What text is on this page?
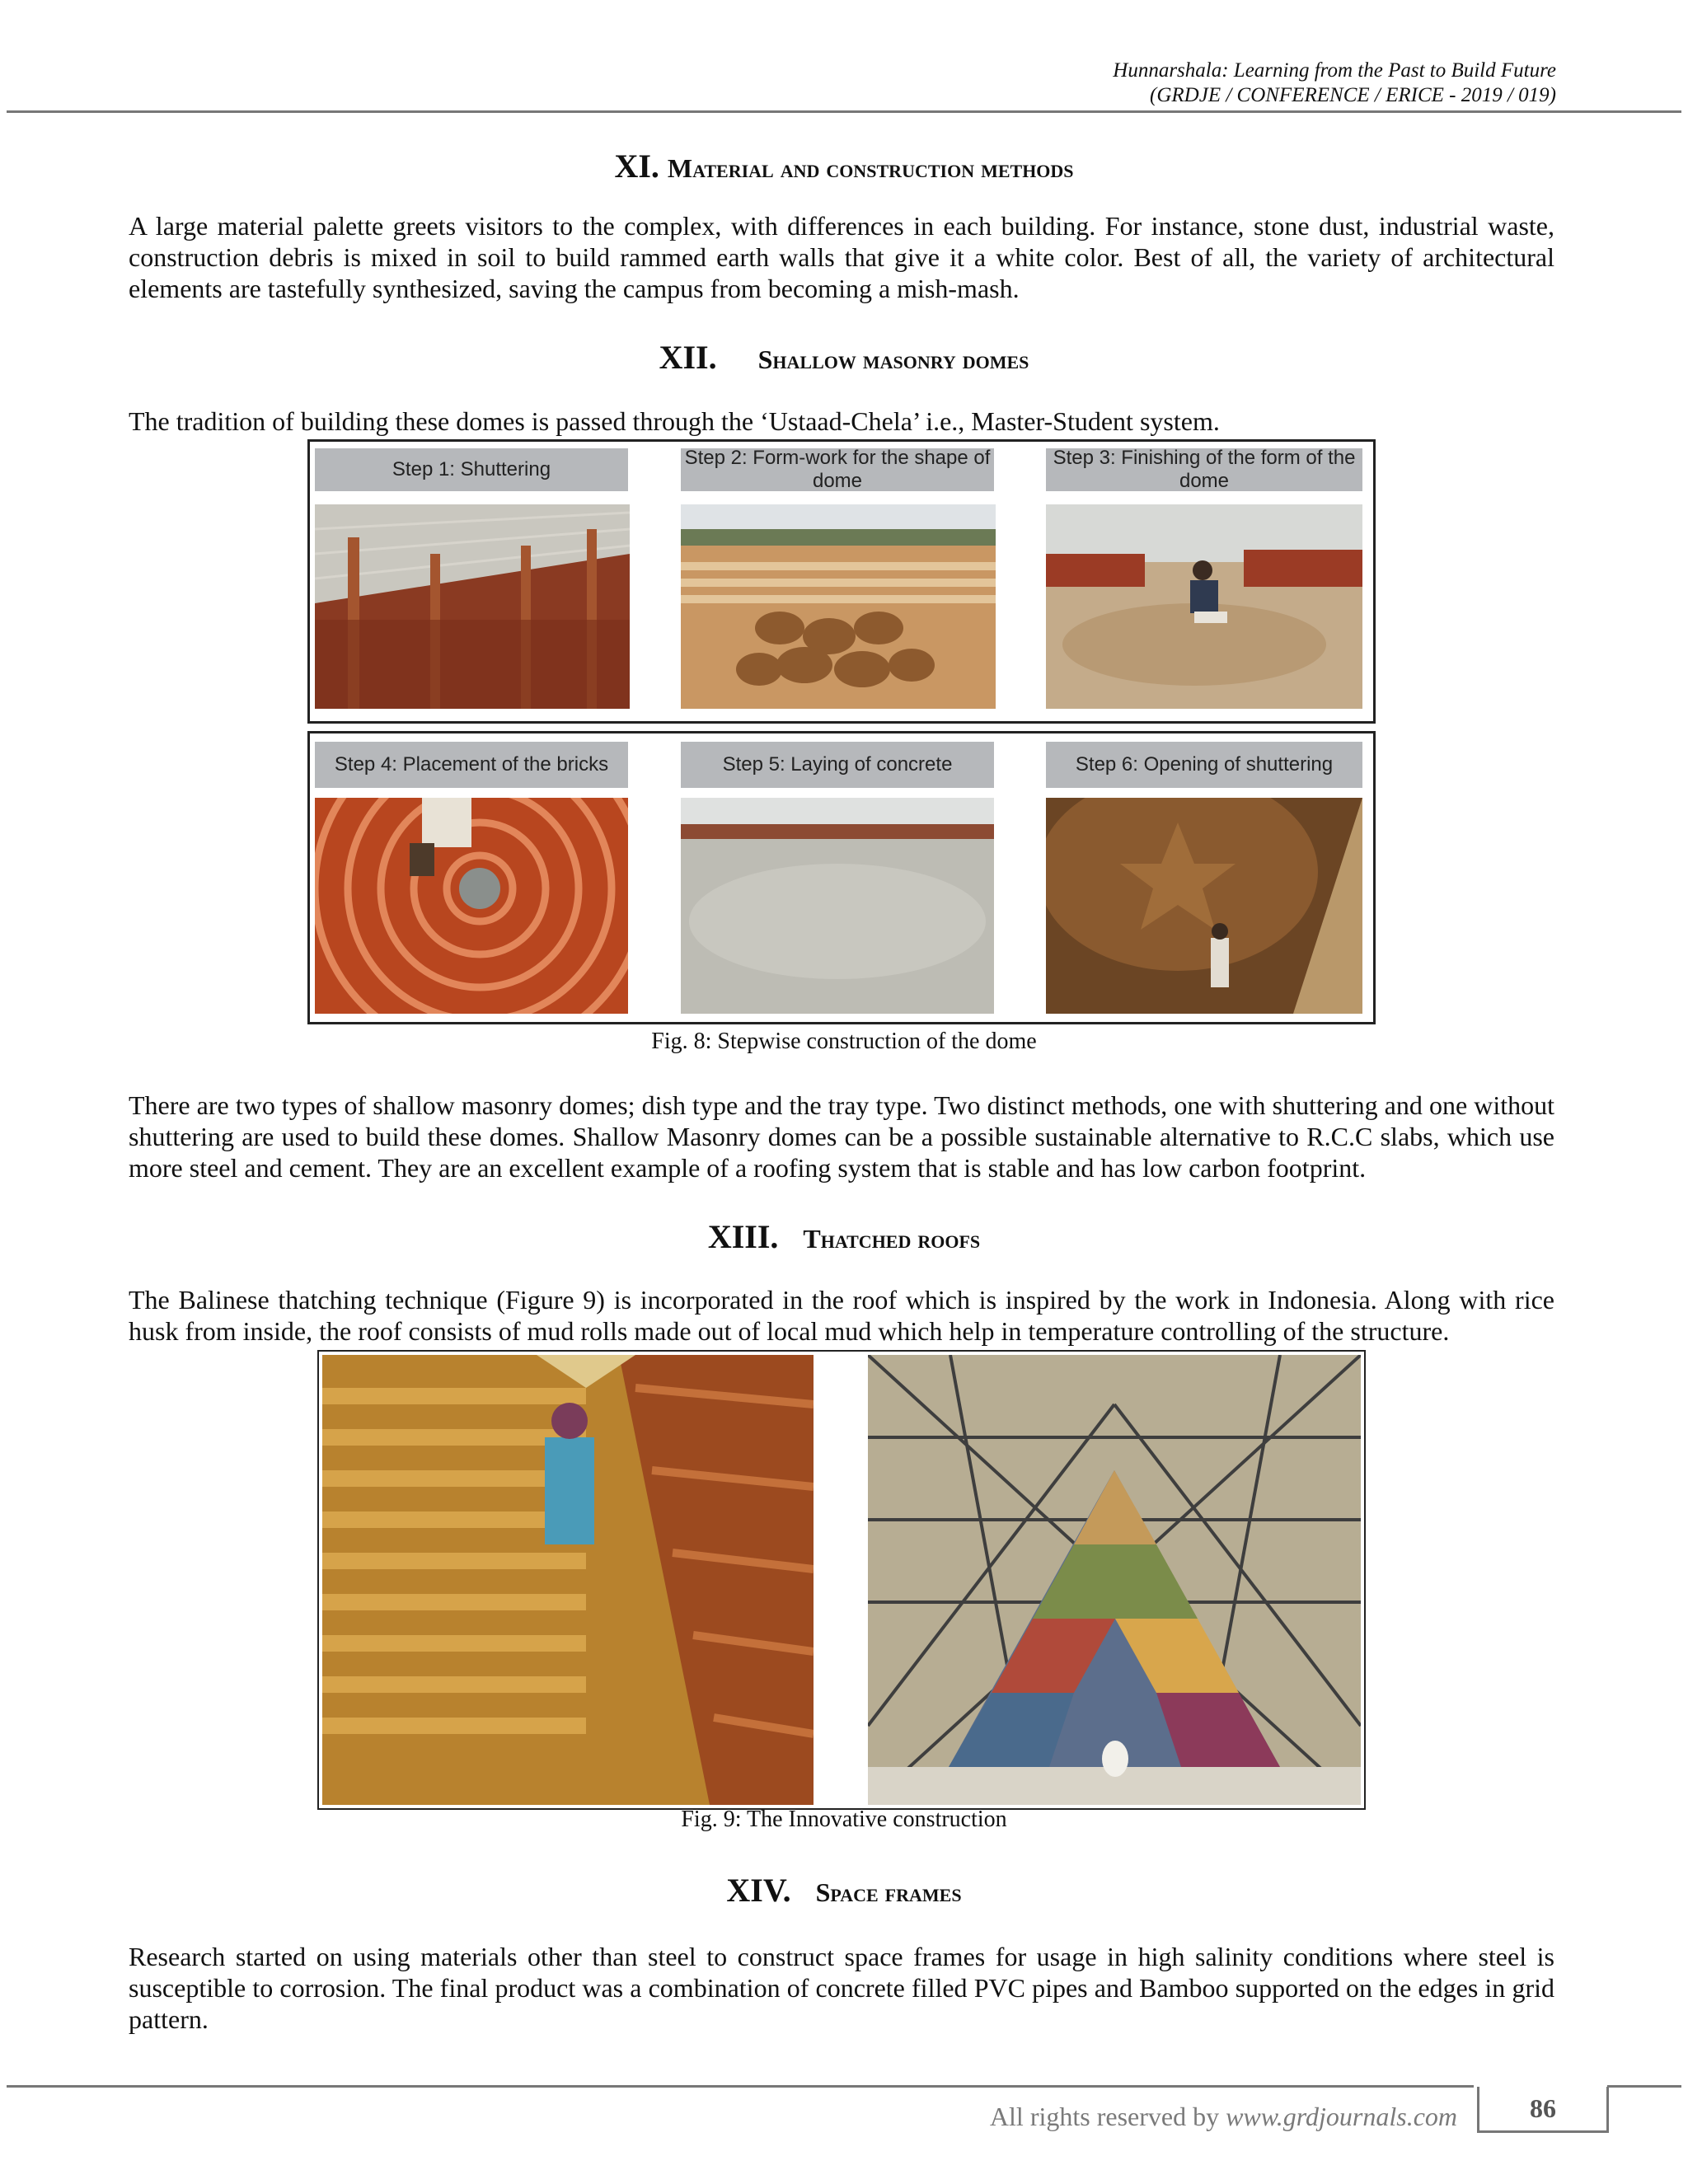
Hunnarshala: Learning from the Past to Build Future
(GRDJE / CONFERENCE / ERICE - 2019 / 019)
XI. Material and construction methods
A large material palette greets visitors to the complex, with differences in each building. For instance, stone dust, industrial waste, construction debris is mixed in soil to build rammed earth walls that give it a white color. Best of all, the variety of architectural elements are tastefully synthesized, saving the campus from becoming a mish-mash.
XII. Shallow masonry domes
The tradition of building these domes is passed through the ‘Ustaad-Chela’ i.e., Master-Student system.
Step 1: Shuttering
Step 2: Form-work for the shape of dome
Step 3: Finishing of the form of the dome
Step 4: Placement of the bricks	Step 5: Laying of concrete	Step 6: Opening of shuttering
Fig. 8: Stepwise construction of the dome
There are two types of shallow masonry domes; dish type and the tray type. Two distinct methods, one with shuttering and one without shuttering are used to build these domes. Shallow Masonry domes can be a possible sustainable alternative to R.C.C slabs, which use more steel and cement. They are an excellent example of a roofing system that is stable and has low carbon footprint.
XIII. Thatched roofs
The Balinese thatching technique (Figure 9) is incorporated in the roof which is inspired by the work in Indonesia. Along with rice husk from inside, the roof consists of mud rolls made out of local mud which help in temperature controlling of the structure.
Fig. 9: The Innovative construction
XIV. Space frames
Research started on using materials other than steel to construct space frames for usage in high salinity conditions where steel is susceptible to corrosion. The final product was a combination of concrete filled PVC pipes and Bamboo supported on the edges in grid pattern.
All rights reserved by www.grdjournals.com	86
